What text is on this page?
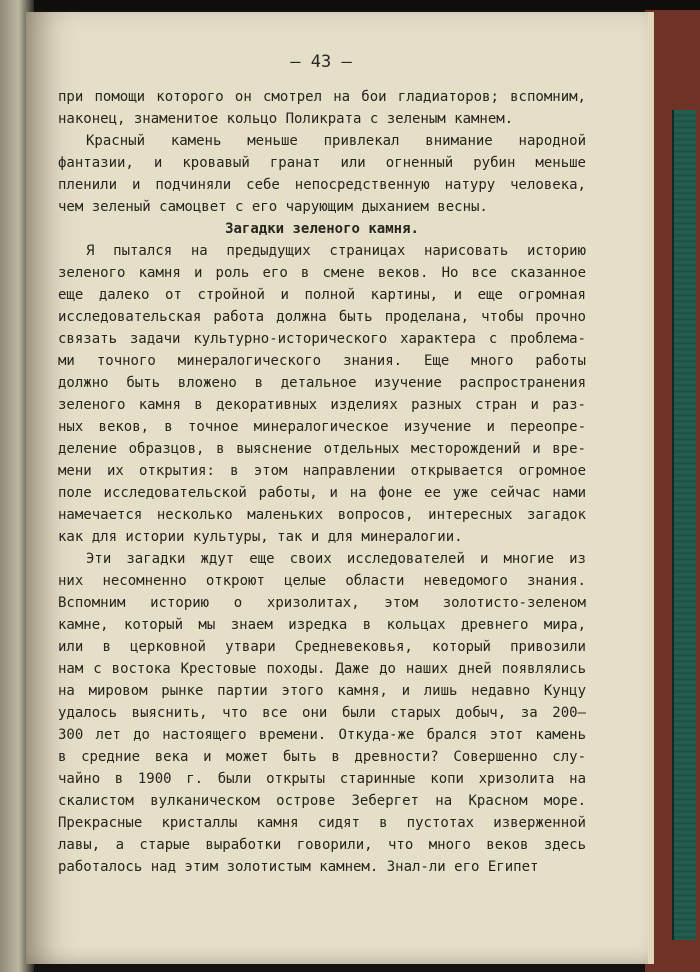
— 43 —
при помощи которого он смотрел на бои гладиаторов; вспомним,
наконец, знаменитое кольцо Поликрата с зеленым камнем.
Красный камень меньше привлекал внимание народной
фантазии, и кровавый гранат или огненный рубин меньше
пленили и подчиняли себе непосредственную натуру человека,
чем зеленый самоцвет с его чарующим дыханием весны.
Загадки зеленого камня.
Я пытался на предыдущих страницах нарисовать историю
зеленого камня и роль его в смене веков. Но все сказанное
еще далеко от стройной и полной картины, и еще огромная
исследовательская работа должна быть проделана, чтобы прочно
связать задачи культурно-исторического характера с проблема-
ми точного минералогического знания. Еще много работы
должно быть вложено в детальное изучение распространения
зеленого камня в декоративных изделиях разных стран и раз-
ных веков, в точное минералогическое изучение и переопре-
деление образцов, в выяснение отдельных месторождений и вре-
мени их открытия: в этом направлении открывается огромное
поле исследовательской работы, и на фоне ее уже сейчас нами
намечается несколько маленьких вопросов, интересных загадок
как для истории культуры, так и для минералогии.
Эти загадки ждут еще своих исследователей и многие из
них несомненно откроют целые области неведомого знания.
Вспомним историю о хризолитах, этом золотисто-зеленом
камне, который мы знаем изредка в кольцах древнего мира,
или в церковной утвари Средневековья, который привозили
нам с востока Крестовые походы. Даже до наших дней появлялись
на мировом рынке партии этого камня, и лишь недавно Кунцу
удалось выяснить, что все они были старых добыч, за 200—
300 лет до настоящего времени. Откуда-же брался этот камень
в средние века и может быть в древности? Совершенно слу-
чайно в 1900 г. были открыты старинные копи хризолита на
скалистом вулканическом острове Зебергет на Красном море.
Прекрасные кристаллы камня сидят в пустотах изверженной
лавы, а старые выработки говорили, что много веков здесь
работалось над этим золотистым камнем. Знал-ли его Египет
